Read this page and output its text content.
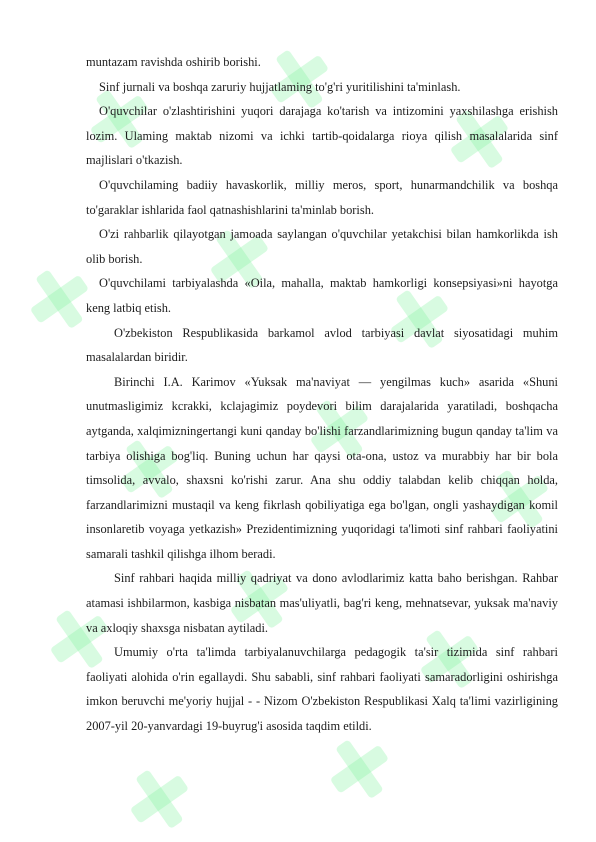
muntazam ravishda oshirib borishi.

Sinf jurnali va boshqa zaruriy hujjatlaming to'g'ri yuritilishini ta'minlash.

O'quvchilar o'zlashtirishini yuqori darajaga ko'tarish va intizomini yaxshilashga erishish lozim. Ulaming maktab nizomi va ichki tartib-qoidalarga rioya qilish masalalarida sinf majlislari o'tkazish.

O'quvchilaming badiiy havaskorlik, milliy meros, sport, hunarmandchilik va boshqa to'garaklar ishlarida faol qatnashishlarini ta'minlab borish.

O'zi rahbarlik qilayotgan jamoada saylangan o'quvchilar yetakchisi bilan hamkorlikda ish olib borish.

O'quvchilami tarbiyalashda «Oila, mahalla, maktab hamkorligi konsepsiyasi»ni hayotga keng latbiq etish.

O'zbekiston Respublikasida barkamol avlod tarbiyasi davlat siyosatidagi muhim masalalardan biridir.

Birinchi I.A. Karimov «Yuksak ma'naviyat — yengilmas kuch» asarida «Shuni unutmasligimiz kcrakki, kclajagimiz poydevori bilim darajalarida yaratiladi, boshqacha aytganda, xalqimizningertangi kuni qanday bo'lishi farzandlarimizning bugun qanday ta'lim va tarbiya olishiga bog'liq. Buning uchun har qaysi ota-ona, ustoz va murabbiy har bir bola timsolida, avvalo, shaxsni ko'rishi zarur. Ana shu oddiy talabdan kelib chiqqan holda, farzandlarimizni mustaqil va keng fikrlash qobiliyatiga ega bo'lgan, ongli yashaydigan komil insonlaretib voyaga yetkazish» Prezidentimizning yuqoridagi ta'limoti sinf rahbari faoliyatini samarali tashkil qilishga ilhom beradi.

Sinf rahbari haqida milliy qadriyat va dono avlodlarimiz katta baho berishgan. Rahbar atamasi ishbilarmon, kasbiga nisbatan mas'uliyatli, bag'ri keng, mehnatsevar, yuksak ma'naviy va axloqiy shaxsga nisbatan aytiladi.

Umumiy o'rta ta'limda tarbiyalanuvchilarga pedagogik ta'sir tizimida sinf rahbari faoliyati alohida o'rin egallaydi. Shu sababli, sinf rahbari faoliyati samaradorligini oshirishga imkon beruvchi me'yoriy hujjal - - Nizom O'zbekiston Respublikasi Xalq ta'limi vazirligining 2007-yil 20-yanvardagi 19-buyrug'i asosida taqdim etildi.
